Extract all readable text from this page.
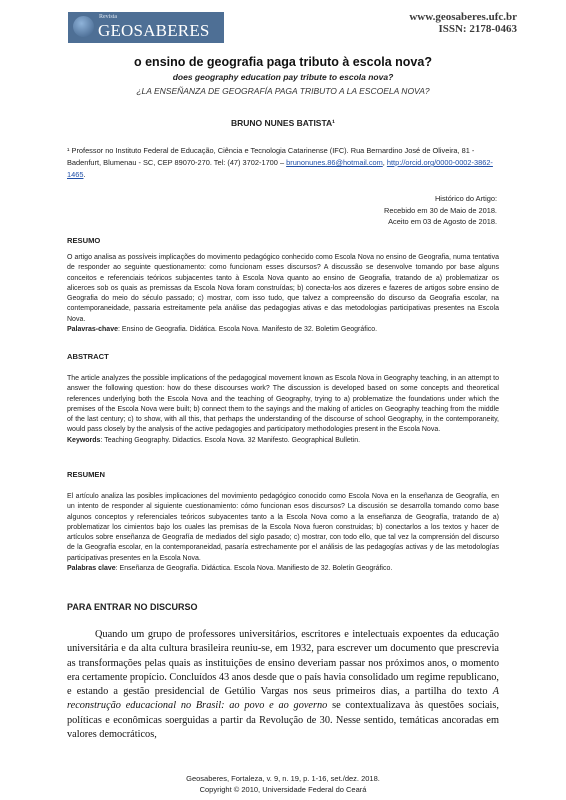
Revista
GEOSABERES
www.geosaberes.ufc.br
ISSN: 2178-0463
o ensino de geografia paga tributo à escola nova?
does geography education pay tribute to escola nova?
¿LA ENSEÑANZA DE GEOGRAFÍA PAGA TRIBUTO A LA ESCOELA NOVA?
BRUNO NUNES BATISTA¹
¹ Professor no Instituto Federal de Educação, Ciência e Tecnologia Catarinense (IFC). Rua Bernardino José de Oliveira, 81 - Badenfurt, Blumenau - SC, CEP 89070-270. Tel: (47) 3702-1700 – brunonunes.86@hotmail.com, http://orcid.org/0000-0002-3862-1465.
Histórico do Artigo:
Recebido em 30 de Maio de 2018.
Aceito em 03 de Agosto de 2018.
RESUMO
O artigo analisa as possíveis implicações do movimento pedagógico conhecido como Escola Nova no ensino de Geografia, numa tentativa de responder ao seguinte questionamento: como funcionam esses discursos? A discussão se desenvolve tomando por base alguns conceitos e referenciais teóricos subjacentes tanto à Escola Nova quanto ao ensino de Geografia, tratando de a) problematizar os alicerces sob os quais as premissas da Escola Nova foram construídas; b) conecta-los aos dizeres e fazeres de artigos sobre ensino de Geografia do meio do século passado; c) mostrar, com isso tudo, que talvez a compreensão do discurso da Geografia escolar, na contemporaneidade, passaria estreitamente pela análise das pedagogias ativas e das metodologias participativas presentes na Escola Nova.
Palavras-chave: Ensino de Geografia. Didática. Escola Nova. Manifesto de 32. Boletim Geográfico.
ABSTRACT
The article analyzes the possible implications of the pedagogical movement known as Escola Nova in Geography teaching, in an attempt to answer the following question: how do these discourses work? The discussion is developed based on some concepts and theoretical references underlying both the Escola Nova and the teaching of Geography, trying to a) problematize the foundations under which the premises of the Escola Nova were built; b) connect them to the sayings and the making of articles on Geography teaching from the middle of the last century; c) to show, with all this, that perhaps the understanding of the discourse of school Geography, in the contemporaneity, would pass closely by the analysis of the active pedagogies and participatory methodologies present in the Escola Nova.
Keywords: Teaching Geography. Didactics. Escola Nova. 32 Manifesto. Geographical Bulletin.
RESUMEN
El artículo analiza las posibles implicaciones del movimiento pedagógico conocido como Escola Nova en la enseñanza de Geografía, en un intento de responder al siguiente cuestionamiento: cómo funcionan esos discursos? La discusión se desarrolla tomando como base algunos conceptos y referenciales teóricos subyacentes tanto a la Escola Nova como a la enseñanza de Geografía, tratando de a) problematizar los cimientos bajo los cuales las premisas de la Escola Nova fueron construidas; b) conectarlos a los textos y hacer de artículos sobre enseñanza de Geografía de mediados del siglo pasado; c) mostrar, con todo ello, que tal vez la comprensión del discurso de la Geografía escolar, en la contemporaneidad, pasaría estrechamente por el análisis de las pedagogías activas y de las metodologías participativas presentes en la Escola Nova.
Palabras clave: Enseñanza de Geografía. Didáctica. Escola Nova. Manifiesto de 32. Boletín Geográfico.
PARA ENTRAR NO DISCURSO

Quando um grupo de professores universitários, escritores e intelectuais expoentes da educação universitária e da alta cultura brasileira reuniu-se, em 1932, para escrever um documento que prescrevia as transformações pelas quais as instituições de ensino deveriam passar nos próximos anos, o momento era certamente propício. Concluídos 43 anos desde que o país havia consolidado um regime republicano, e estando a gestão presidencial de Getúlio Vargas nos seus primeiros dias, a partilha do texto A reconstrução educacional no Brasil: ao povo e ao governo se contextualizava às questões sociais, políticas e econômicas soerguidas a partir da Revolução de 30. Nesse sentido, temáticas ancoradas em valores democráticos,

Geosaberes, Fortaleza, v. 9, n. 19, p. 1-16, set./dez. 2018.
Copyright © 2010, Universidade Federal do Ceará
